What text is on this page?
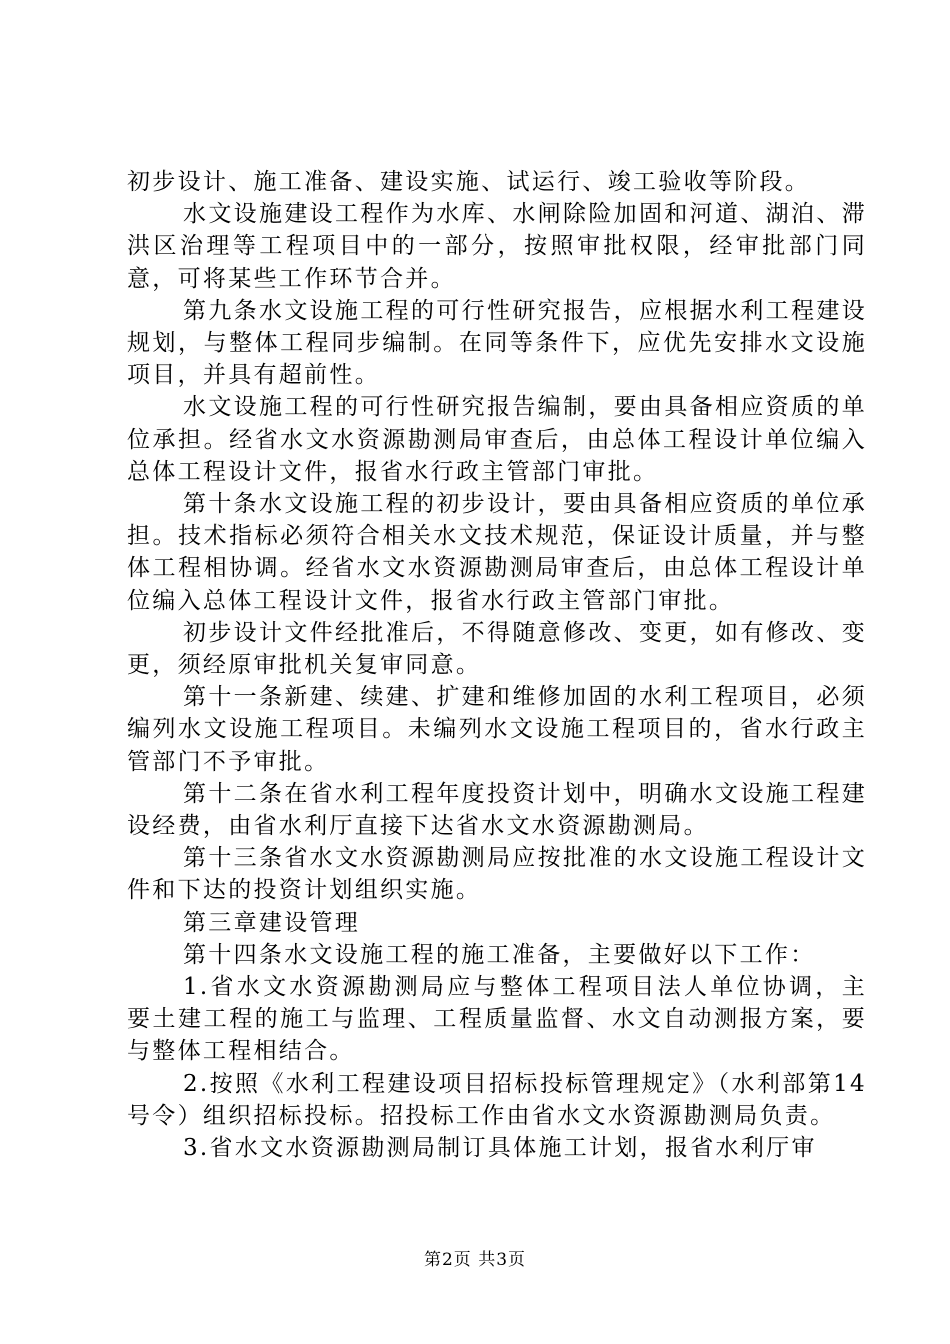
初步设计、施工准备、建设实施、试运行、竣工验收等阶段。

水文设施建设工程作为水库、水闸除险加固和河道、湖泊、滞洪区治理等工程项目中的一部分，按照审批权限，经审批部门同意，可将某些工作环节合并。

第九条水文设施工程的可行性研究报告，应根据水利工程建设规划，与整体工程同步编制。在同等条件下，应优先安排水文设施项目，并具有超前性。

水文设施工程的可行性研究报告编制，要由具备相应资质的单位承担。经省水文水资源勘测局审查后，由总体工程设计单位编入总体工程设计文件，报省水行政主管部门审批。

第十条水文设施工程的初步设计，要由具备相应资质的单位承担。技术指标必须符合相关水文技术规范，保证设计质量，并与整体工程相协调。经省水文水资源勘测局审查后，由总体工程设计单位编入总体工程设计文件，报省水行政主管部门审批。

初步设计文件经批准后，不得随意修改、变更，如有修改、变更，须经原审批机关复审同意。

第十一条新建、续建、扩建和维修加固的水利工程项目，必须编列水文设施工程项目。未编列水文设施工程项目的，省水行政主管部门不予审批。

第十二条在省水利工程年度投资计划中，明确水文设施工程建设经费，由省水利厅直接下达省水文水资源勘测局。

第十三条省水文水资源勘测局应按批准的水文设施工程设计文件和下达的投资计划组织实施。

第三章建设管理

第十四条水文设施工程的施工准备，主要做好以下工作：

1.省水文水资源勘测局应与整体工程项目法人单位协调，主要土建工程的施工与监理、工程质量监督、水文自动测报方案，要与整体工程相结合。

2.按照《水利工程建设项目招标投标管理规定》（水利部第14号令）组织招标投标。招投标工作由省水文水资源勘测局负责。

3.省水文水资源勘测局制订具体施工计划，报省水利厅审

第2页 共3页
